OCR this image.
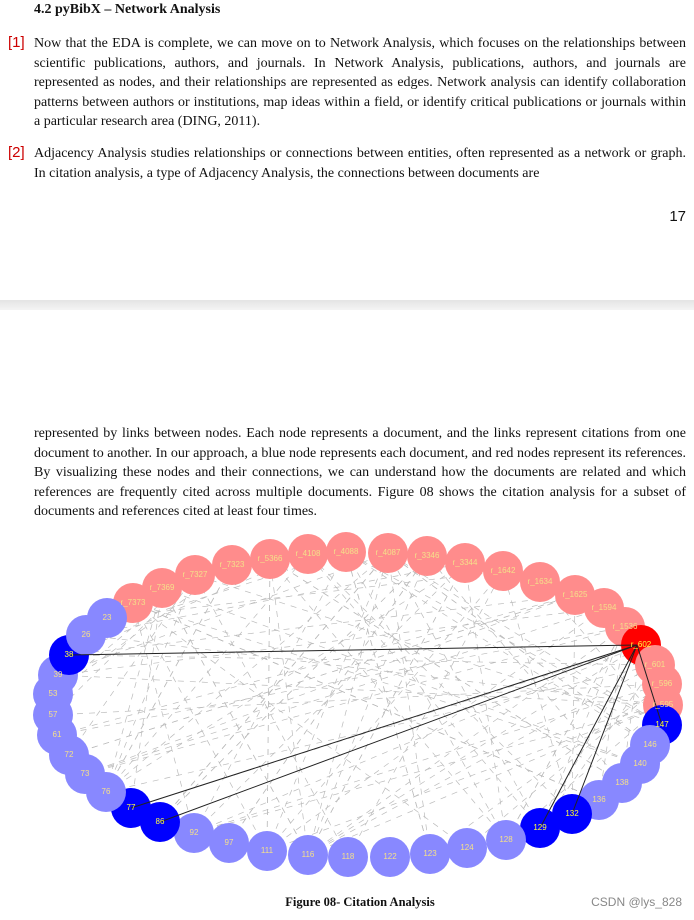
4.2 pyBibX – Network Analysis
[1] Now that the EDA is complete, we can move on to Network Analysis, which focuses on the relationships between scientific publications, authors, and journals. In Network Analysis, publications, authors, and journals are represented as nodes, and their relationships are represented as edges. Network analysis can identify collaboration patterns between authors or institutions, map ideas within a field, or identify critical publications or journals within a particular research area (DING, 2011).
[2] Adjacency Analysis studies relationships or connections between entities, often represented as a network or graph. In citation analysis, a type of Adjacency Analysis, the connections between documents are
17
represented by links between nodes. Each node represents a document, and the links represent citations from one document to another. In our approach, a blue node represents each document, and red nodes represent its references. By visualizing these nodes and their connections, we can understand how the documents are related and which references are frequently cited across multiple documents. Figure 08 shows the citation analysis for a subset of documents and references cited at least four times.
r_7373
r_7369
r_7327
r_7323
r_5366
r_4108 r_4088 r_4087 r_3346
r_3344
r_1642
r_1634
r_1625
r_1594
r_1536
r_602
r_601
r_596
r_595
147
146
140
138
136
132
129
128
124
123
122
118
116
111
97
92
86
77
76
73
72
61
57
53
39
38
26
23
Figure 08- Citation Analysis	CSDN @lys_828
